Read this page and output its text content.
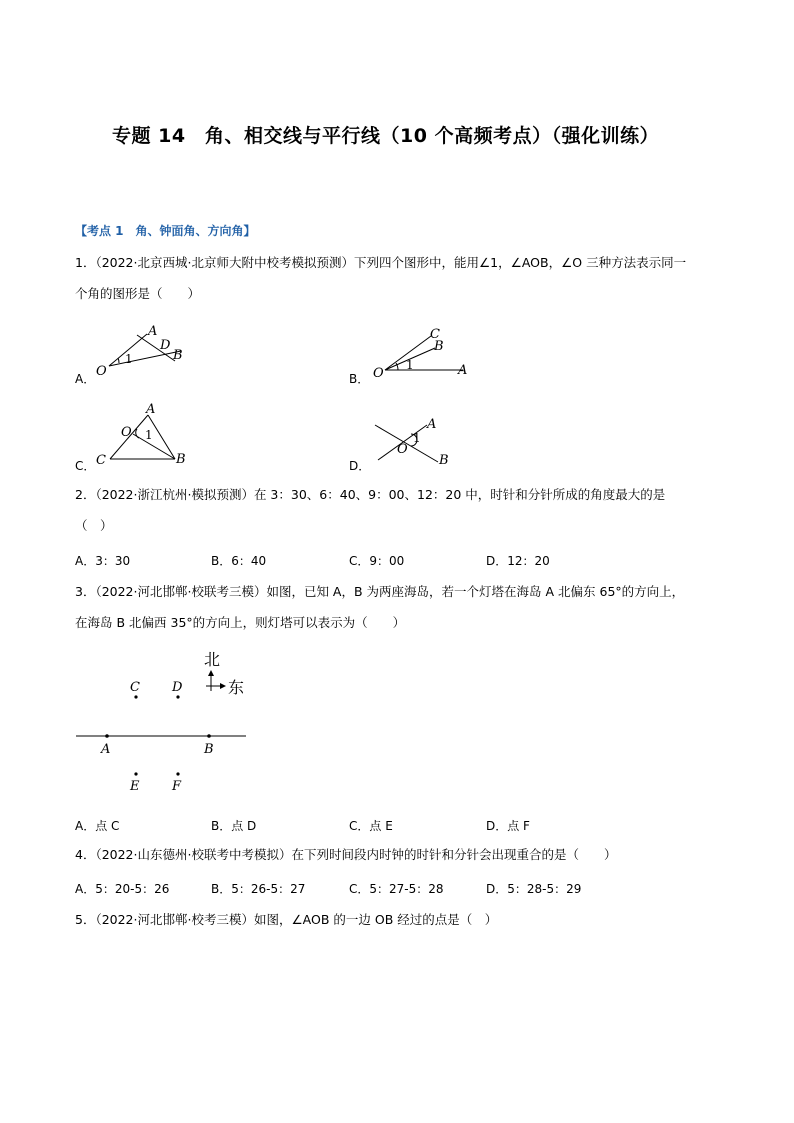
专题 14　角、相交线与平行线（10 个高频考点）（强化训练）
【考点 1　角、钟面角、方向角】
1．（2022·北京西城·北京师大附中校考模拟预测）下列四个图形中，能用∠1，∠AOB，∠O 三种方法表示同一
个角的图形是（　　）
A．
A
D
B
O
1
B．
C
B
O
1	A
C．
A
O 1
C	B	D．
A
1
O
B
2．（2022·浙江杭州·模拟预测）在 3：30、6：40、9：00、12：20 中，时针和分针所成的角度最大的是
（　）
A．3：30	B．6：40	C．9：00	D．12：20
3．（2022·河北邯郸·校联考三模）如图，已知 A，B 为两座海岛，若一个灯塔在海岛 A 北偏东 65°的方向上，
在海岛 B 北偏西 35°的方向上，则灯塔可以表示为（　　）
北
东
C D
A	B
E	F
A．点 C	B．点 D	C．点 E	D．点 F
4．（2022·山东德州·校联考中考模拟）在下列时间段内时钟的时针和分针会出现重合的是（　　）
A．5：20-5：26	B．5：26-5：27	C．5：27-5：28	D．5：28-5：29
5．（2022·河北邯郸·校考三模）如图，∠AOB 的一边 OB 经过的点是（　）
